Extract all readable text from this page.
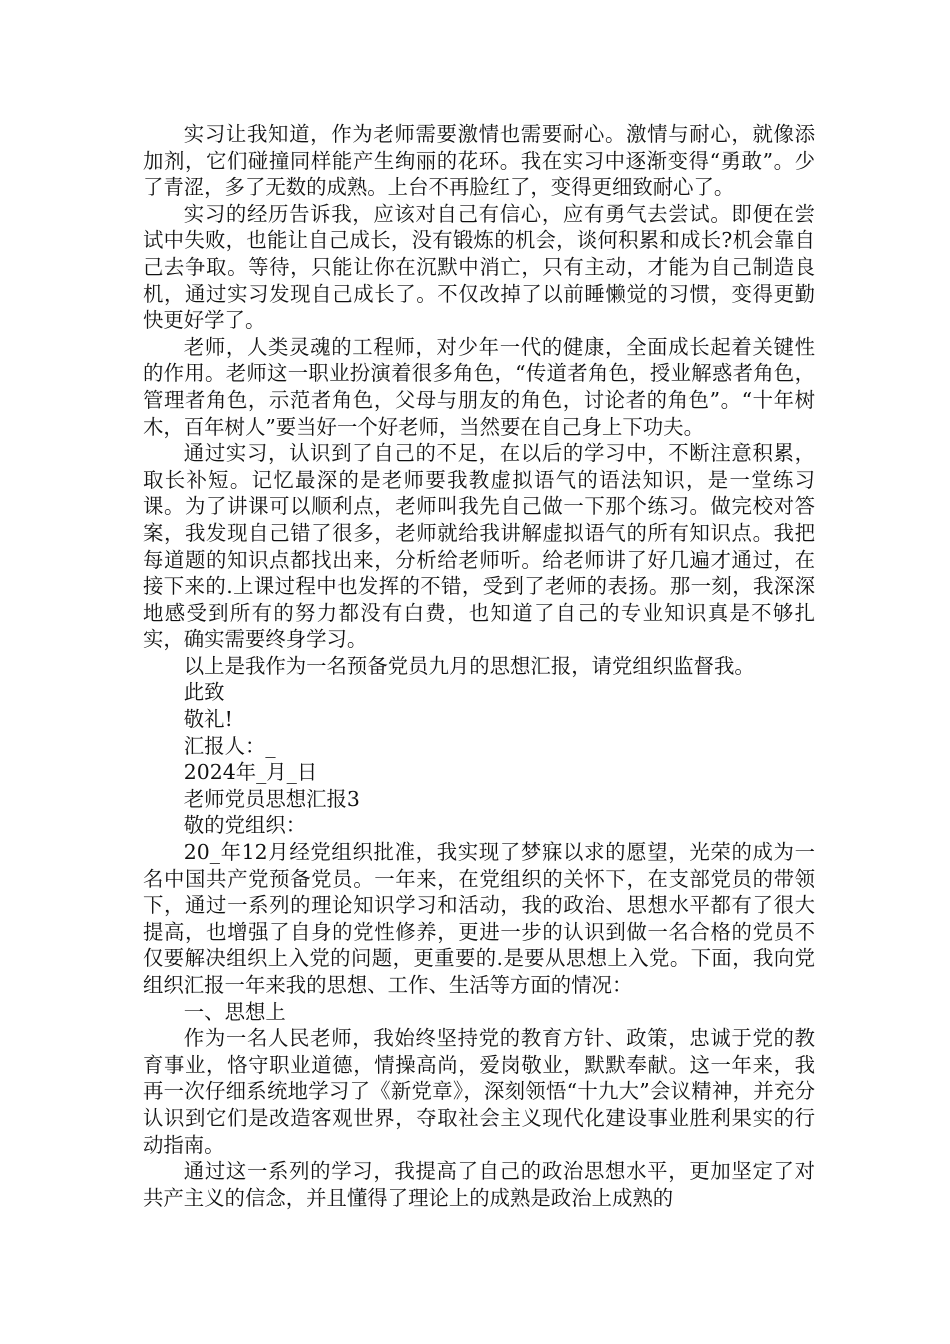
实习让我知道，作为老师需要激情也需要耐心。激情与耐心，就像添加剂，它们碰撞同样能产生绚丽的花环。我在实习中逐渐变得“勇敢”。少了青涩，多了无数的成熟。上台不再脸红了，变得更细致耐心了。

实习的经历告诉我，应该对自己有信心，应有勇气去尝试。即便在尝试中失败，也能让自己成长，没有锻炼的机会，谈何积累和成长?机会靠自己去争取。等待，只能让你在沉默中消亡，只有主动，才能为自己制造良机，通过实习发现自己成长了。不仅改掉了以前睡懒觉的习惯，变得更勤快更好学了。

老师，人类灵魂的工程师，对少年一代的健康，全面成长起着关键性的作用。老师这一职业扮演着很多角色，“传道者角色，授业解惑者角色，管理者角色，示范者角色，父母与朋友的角色，讨论者的角色”。“十年树木，百年树人”要当好一个好老师，当然要在自己身上下功夫。

通过实习，认识到了自己的不足，在以后的学习中，不断注意积累，取长补短。记忆最深的是老师要我教虚拟语气的语法知识，是一堂练习课。为了讲课可以顺利点，老师叫我先自己做一下那个练习。做完校对答案，我发现自己错了很多，老师就给我讲解虚拟语气的所有知识点。我把每道题的知识点都找出来，分析给老师听。给老师讲了好几遍才通过，在接下来的.上课过程中也发挥的不错，受到了老师的表扬。那一刻，我深深地感受到所有的努力都没有白费，也知道了自己的专业知识真是不够扎实，确实需要终身学习。

以上是我作为一名预备党员九月的思想汇报，请党组织监督我。

此致

敬礼!

汇报人：_

2024年_月_日

老师党员思想汇报3

敬的党组织：

20_年12月经党组织批准，我实现了梦寐以求的愿望，光荣的成为一名中国共产党预备党员。一年来，在党组织的关怀下，在支部党员的带领下，通过一系列的理论知识学习和活动，我的政治、思想水平都有了很大提高，也增强了自身的党性修养，更进一步的认识到做一名合格的党员不仅要解决组织上入党的问题，更重要的.是要从思想上入党。下面，我向党组织汇报一年来我的思想、工作、生活等方面的情况：

一、思想上

作为一名人民老师，我始终坚持党的教育方针、政策，忠诚于党的教育事业，恪守职业道德，情操高尚，爱岗敬业，默默奉献。这一年来，我再一次仔细系统地学习了《新党章》，深刻领悟“十九大”会议精神，并充分认识到它们是改造客观世界，夺取社会主义现代化建设事业胜利果实的行动指南。

通过这一系列的学习，我提高了自己的政治思想水平，更加坚定了对共产主义的信念，并且懂得了理论上的成熟是政治上成熟的
